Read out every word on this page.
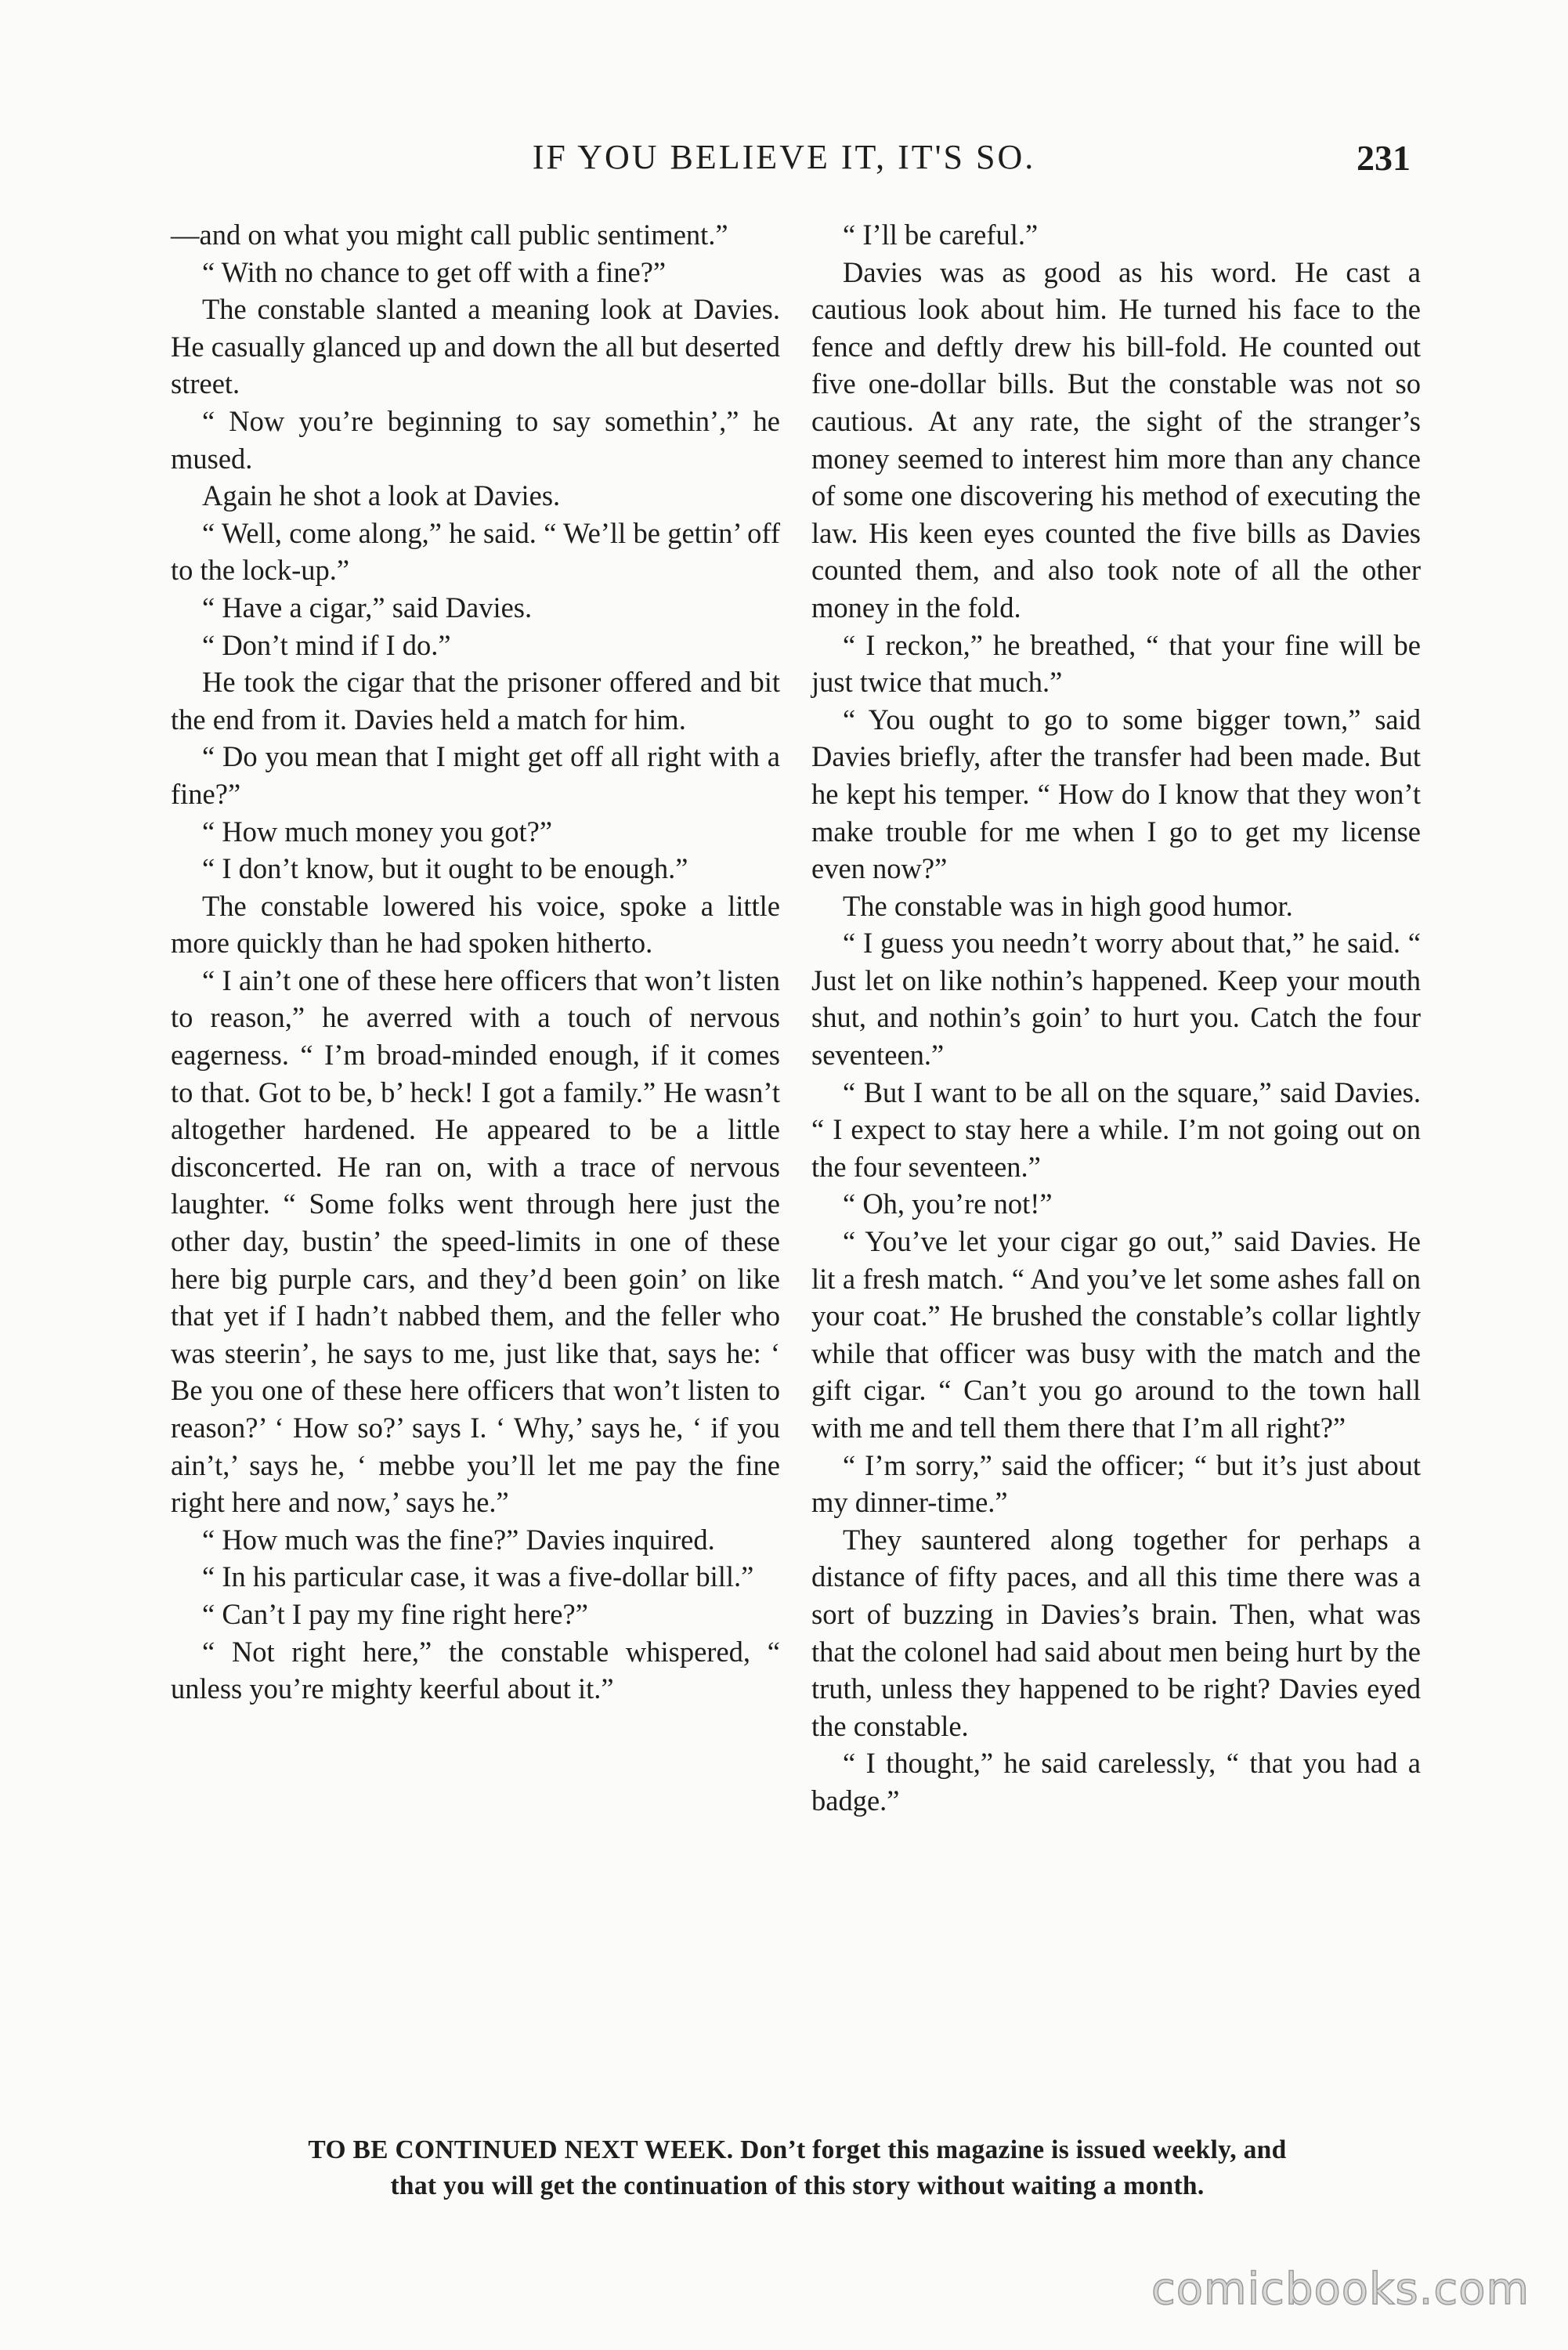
IF YOU BELIEVE IT, IT'S SO.	231

—and on what you might call public sentiment.”

“ With no chance to get off with a fine?”

The constable slanted a meaning look at Davies. He casually glanced up and down the all but deserted street.

“ Now you’re beginning to say somethin’,” he mused.

Again he shot a look at Davies.

“ Well, come along,” he said. “ We’ll be gettin’ off to the lock-up.”

“ Have a cigar,” said Davies.

“ Don’t mind if I do.”

He took the cigar that the prisoner offered and bit the end from it. Davies held a match for him.

“ Do you mean that I might get off all right with a fine?”

“ How much money you got?”

“ I don’t know, but it ought to be enough.”

The constable lowered his voice, spoke a little more quickly than he had spoken hitherto.

“ I ain’t one of these here officers that won’t listen to reason,” he averred with a touch of nervous eagerness. “ I’m broad-minded enough, if it comes to that. Got to be, b’ heck! I got a family.” He wasn’t altogether hardened. He appeared to be a little disconcerted. He ran on, with a trace of nervous laughter. “ Some folks went through here just the other day, bustin’ the speed-limits in one of these here big purple cars, and they’d been goin’ on like that yet if I hadn’t nabbed them, and the feller who was steerin’, he says to me, just like that, says he: ‘ Be you one of these here officers that won’t listen to reason?’ ‘ How so?’ says I. ‘ Why,’ says he, ‘ if you ain’t,’ says he, ‘ mebbe you’ll let me pay the fine right here and now,’ says he.”

“ How much was the fine?” Davies inquired.

“ In his particular case, it was a five-dollar bill.”

“ Can’t I pay my fine right here?”

“ Not right here,” the constable whispered, “ unless you’re mighty keerful about it.”

“ I’ll be careful.”

Davies was as good as his word. He cast a cautious look about him. He turned his face to the fence and deftly drew his bill-fold. He counted out five one-dollar bills. But the constable was not so cautious. At any rate, the sight of the stranger’s money seemed to interest him more than any chance of some one discovering his method of executing the law. His keen eyes counted the five bills as Davies counted them, and also took note of all the other money in the fold.

“ I reckon,” he breathed, “ that your fine will be just twice that much.”

“ You ought to go to some bigger town,” said Davies briefly, after the transfer had been made. But he kept his temper. “ How do I know that they won’t make trouble for me when I go to get my license even now?”

The constable was in high good humor.

“ I guess you needn’t worry about that,” he said. “ Just let on like nothin’s happened. Keep your mouth shut, and nothin’s goin’ to hurt you. Catch the four seventeen.”

“ But I want to be all on the square,” said Davies. “ I expect to stay here a while. I’m not going out on the four seventeen.”

“ Oh, you’re not!”

“ You’ve let your cigar go out,” said Davies. He lit a fresh match. “ And you’ve let some ashes fall on your coat.” He brushed the constable’s collar lightly while that officer was busy with the match and the gift cigar. “ Can’t you go around to the town hall with me and tell them there that I’m all right?”

“ I’m sorry,” said the officer; “ but it’s just about my dinner-time.”

They sauntered along together for perhaps a distance of fifty paces, and all this time there was a sort of buzzing in Davies’s brain. Then, what was that the colonel had said about men being hurt by the truth, unless they happened to be right? Davies eyed the constable.

“ I thought,” he said carelessly, “ that you had a badge.”

TO BE CONTINUED NEXT WEEK. Don’t forget this magazine is issued weekly, and
that you will get the continuation of this story without waiting a month.
comicbooks.com
